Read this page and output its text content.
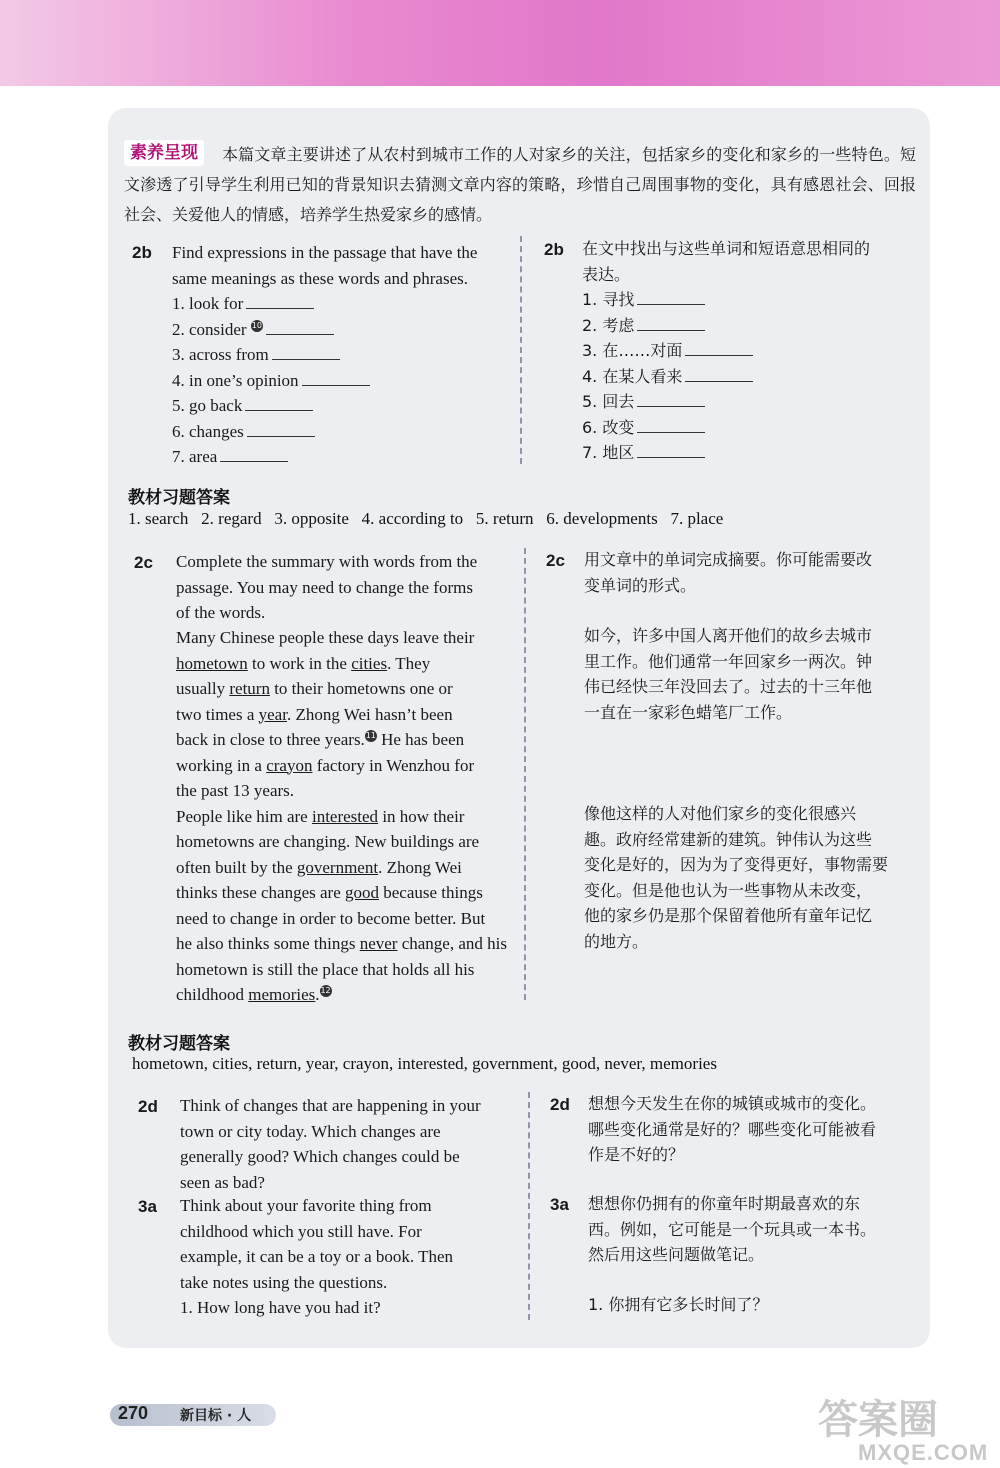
本篇文章主要讲述了从农村到城市工作的人对家乡的关注，包括家乡的变化和家乡的一些特色。短文渗透了引导学生利用已知的背景知识去猜测文章内容的策略，珍惜自己周围事物的变化，具有感恩社会、回报社会、关爱他人的情感，培养学生热爱家乡的感情。
素养呈现
2b Find expressions in the passage that have the
same meanings as these words and phrases.
1. look for
2. consider 10
3. across from
4. in one’s opinion
5. go back
6. changes
7. area
2b 在文中找出与这些单词和短语意思相同的
表达。
1. 寻找
2. 考虑
3. 在……对面
4. 在某人看来
5. 回去
6. 改变
7. 地区
教材习题答案
1. search   2. regard   3. opposite   4. according to   5. return   6. developments   7. place
2c Complete the summary with words from the
passage. You may need to change the forms
of the words.
Many Chinese people these days leave their
hometown to work in the cities. They
usually return to their hometowns one or
two times a year. Zhong Wei hasn’t been
back in close to three years.11 He has been
working in a crayon factory in Wenzhou for
the past 13 years.
People like him are interested in how their
hometowns are changing. New buildings are
often built by the government. Zhong Wei
thinks these changes are good because things
need to change in order to become better. But
he also thinks some things never change, and his
hometown is still the place that holds all his
childhood memories.12
2c 用文章中的单词完成摘要。你可能需要改
变单词的形式。
如今，许多中国人离开他们的故乡去城市
里工作。他们通常一年回家乡一两次。钟
伟已经快三年没回去了。过去的十三年他
一直在一家彩色蜡笔厂工作。
像他这样的人对他们家乡的变化很感兴
趣。政府经常建新的建筑。钟伟认为这些
变化是好的，因为为了变得更好，事物需要
变化。但是他也认为一些事物从未改变，
他的家乡仍是那个保留着他所有童年记忆
的地方。
教材习题答案
hometown, cities, return, year, crayon, interested, government, good, never, memories
2d Think of changes that are happening in your
town or city today. Which changes are
generally good? Which changes could be
seen as bad?
2d 想想今天发生在你的城镇或城市的变化。
哪些变化通常是好的？哪些变化可能被看
作是不好的？
3a Think about your favorite thing from
childhood which you still have. For
example, it can be a toy or a book. Then
take notes using the questions.
1. How long have you had it?
3a 想想你仍拥有的你童年时期最喜欢的东
西。例如，它可能是一个玩具或一本书。
然后用这些问题做笔记。
1. 你拥有它多长时间了？
270 新目标 · 人	答案圈
MXQE.COM
